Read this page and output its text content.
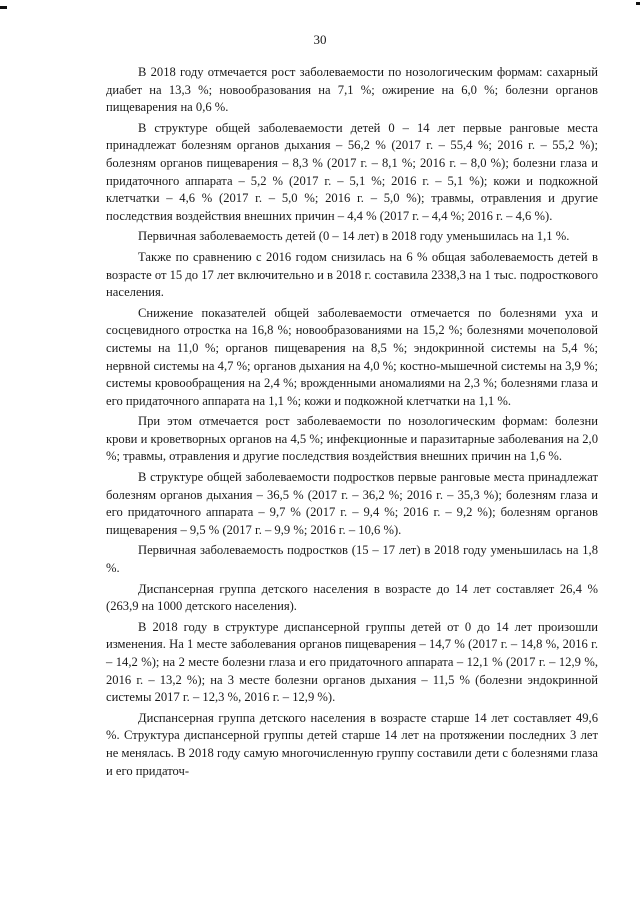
30

В 2018 году отмечается рост заболеваемости по нозологическим формам: сахарный диабет на 13,3 %; новообразования на 7,1 %; ожирение на 6,0 %; болезни органов пищеварения на 0,6 %.

В структуре общей заболеваемости детей 0 – 14 лет первые ранговые места принадлежат болезням органов дыхания – 56,2 % (2017 г. – 55,4 %; 2016 г. – 55,2 %); болезням органов пищеварения – 8,3 % (2017 г. – 8,1 %; 2016 г. – 8,0 %); болезни глаза и придаточного аппарата – 5,2 % (2017 г. – 5,1 %; 2016 г. – 5,1 %); кожи и подкожной клетчатки – 4,6 % (2017 г. – 5,0 %; 2016 г. – 5,0 %); травмы, отравления и другие последствия воздействия внешних причин – 4,4 % (2017 г. – 4,4 %; 2016 г. – 4,6 %).

Первичная заболеваемость детей (0 – 14 лет) в 2018 году уменьшилась на 1,1 %.

Также по сравнению с 2016 годом снизилась на 6 % общая заболеваемость детей в возрасте от 15 до 17 лет включительно и в 2018 г. составила 2338,3 на 1 тыс. подросткового населения.

Снижение показателей общей заболеваемости отмечается по болезнями уха и сосцевидного отростка на 16,8 %; новообразованиями на 15,2 %; болезнями мочеполовой системы на 11,0 %; органов пищеварения на 8,5 %; эндокринной системы на 5,4 %; нервной системы на 4,7 %; органов дыхания на 4,0 %; костно-мышечной системы на 3,9 %; системы кровообращения на 2,4 %; врожденными аномалиями на 2,3 %; болезнями глаза и его придаточного аппарата на 1,1 %; кожи и подкожной клетчатки на 1,1 %.

При этом отмечается рост заболеваемости по нозологическим формам: болезни крови и кроветворных органов на 4,5 %; инфекционные и паразитарные заболевания на 2,0 %; травмы, отравления и другие последствия воздействия внешних причин на 1,6 %.

В структуре общей заболеваемости подростков первые ранговые места принадлежат болезням органов дыхания – 36,5 % (2017 г. – 36,2 %; 2016 г. – 35,3 %); болезням глаза и его придаточного аппарата – 9,7 % (2017 г. – 9,4 %; 2016 г. – 9,2 %); болезням органов пищеварения – 9,5 % (2017 г. – 9,9 %; 2016 г. – 10,6 %).

Первичная заболеваемость подростков (15 – 17 лет) в 2018 году уменьшилась на 1,8 %.

Диспансерная группа детского населения в возрасте до 14 лет составляет 26,4 % (263,9 на 1000 детского населения).

В 2018 году в структуре диспансерной группы детей от 0 до 14 лет произошли изменения. На 1 месте заболевания органов пищеварения – 14,7 % (2017 г. – 14,8 %, 2016 г. – 14,2 %); на 2 месте болезни глаза и его придаточного аппарата – 12,1 % (2017 г. – 12,9 %, 2016 г. – 13,2 %); на 3 месте болезни органов дыхания – 11,5 % (болезни эндокринной системы 2017 г. – 12,3 %, 2016 г. – 12,9 %).

Диспансерная группа детского населения в возрасте старше 14 лет составляет 49,6 %. Структура диспансерной группы детей старше 14 лет на протяжении последних 3 лет не менялась. В 2018 году самую многочисленную группу составили дети с болезнями глаза и его придаточ-
